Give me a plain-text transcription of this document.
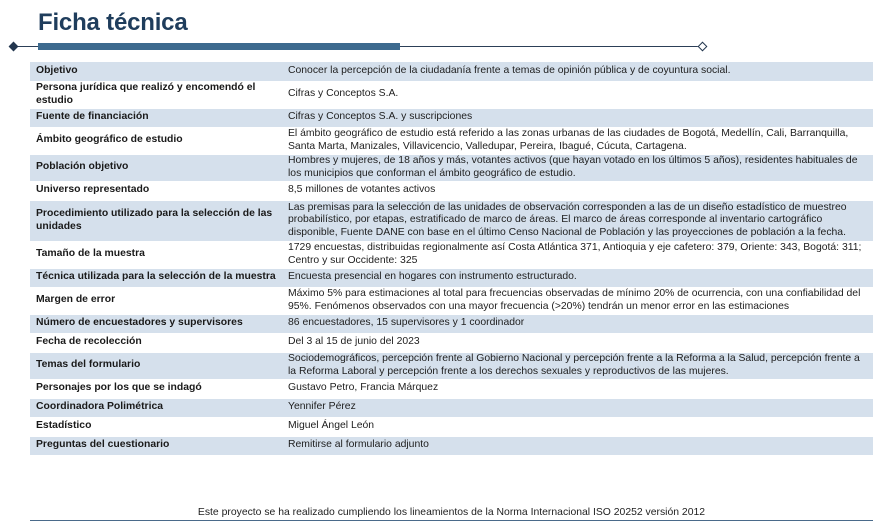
Ficha técnica
Objetivo	Conocer la percepción de la ciudadanía frente a temas de opinión pública y de coyuntura social.
Persona jurídica que realizó y encomendó el estudio	Cifras y Conceptos S.A.
Fuente de financiación	Cifras y Conceptos S.A. y suscripciones
Ámbito geográfico de estudio	El ámbito geográfico de estudio está referido a las zonas urbanas de las ciudades de Bogotá, Medellín, Cali, Barranquilla, Santa Marta, Manizales, Villavicencio, Valledupar, Pereira, Ibagué, Cúcuta, Cartagena.
Población objetivo	Hombres y mujeres, de 18 años y más, votantes activos (que hayan votado en los últimos 5 años), residentes habituales de los municipios que conforman el ámbito geográfico de estudio.
Universo representado	8,5 millones de votantes activos
Procedimiento utilizado para la selección de las unidades	Las premisas para la selección de las unidades de observación corresponden a las de un diseño estadístico de muestreo probabilístico, por etapas, estratificado de marco de áreas. El marco de áreas corresponde al inventario cartográfico disponible, Fuente DANE con base en el último Censo Nacional de Población y las proyecciones de población a la fecha.
Tamaño de la muestra	1729 encuestas, distribuidas regionalmente así Costa Atlántica 371, Antioquia y eje cafetero: 379, Oriente: 343, Bogotá: 311; Centro y sur Occidente: 325
Técnica utilizada para la selección de la muestra	Encuesta presencial en hogares con instrumento estructurado.
Margen de error	Máximo 5% para estimaciones al total para frecuencias observadas de mínimo 20% de ocurrencia, con una confiabilidad del 95%. Fenómenos observados con una mayor frecuencia (>20%) tendrán un menor error en las estimaciones
Número de encuestadores y supervisores	86 encuestadores, 15 supervisores y 1 coordinador
Fecha de recolección	Del 3 al 15 de junio del 2023
Temas del formulario	Sociodemográficos, percepción frente al Gobierno Nacional y percepción frente a la Reforma a la Salud, percepción frente a la Reforma Laboral y percepción frente a los derechos sexuales y reproductivos de las mujeres.
Personajes por los que se indagó	Gustavo Petro, Francia Márquez
Coordinadora Polimétrica	Yennifer Pérez
Estadístico	Miguel Ángel León
Preguntas del cuestionario	Remitirse al formulario adjunto
Este proyecto se ha realizado cumpliendo los lineamientos de la Norma Internacional ISO 20252 versión 2012
